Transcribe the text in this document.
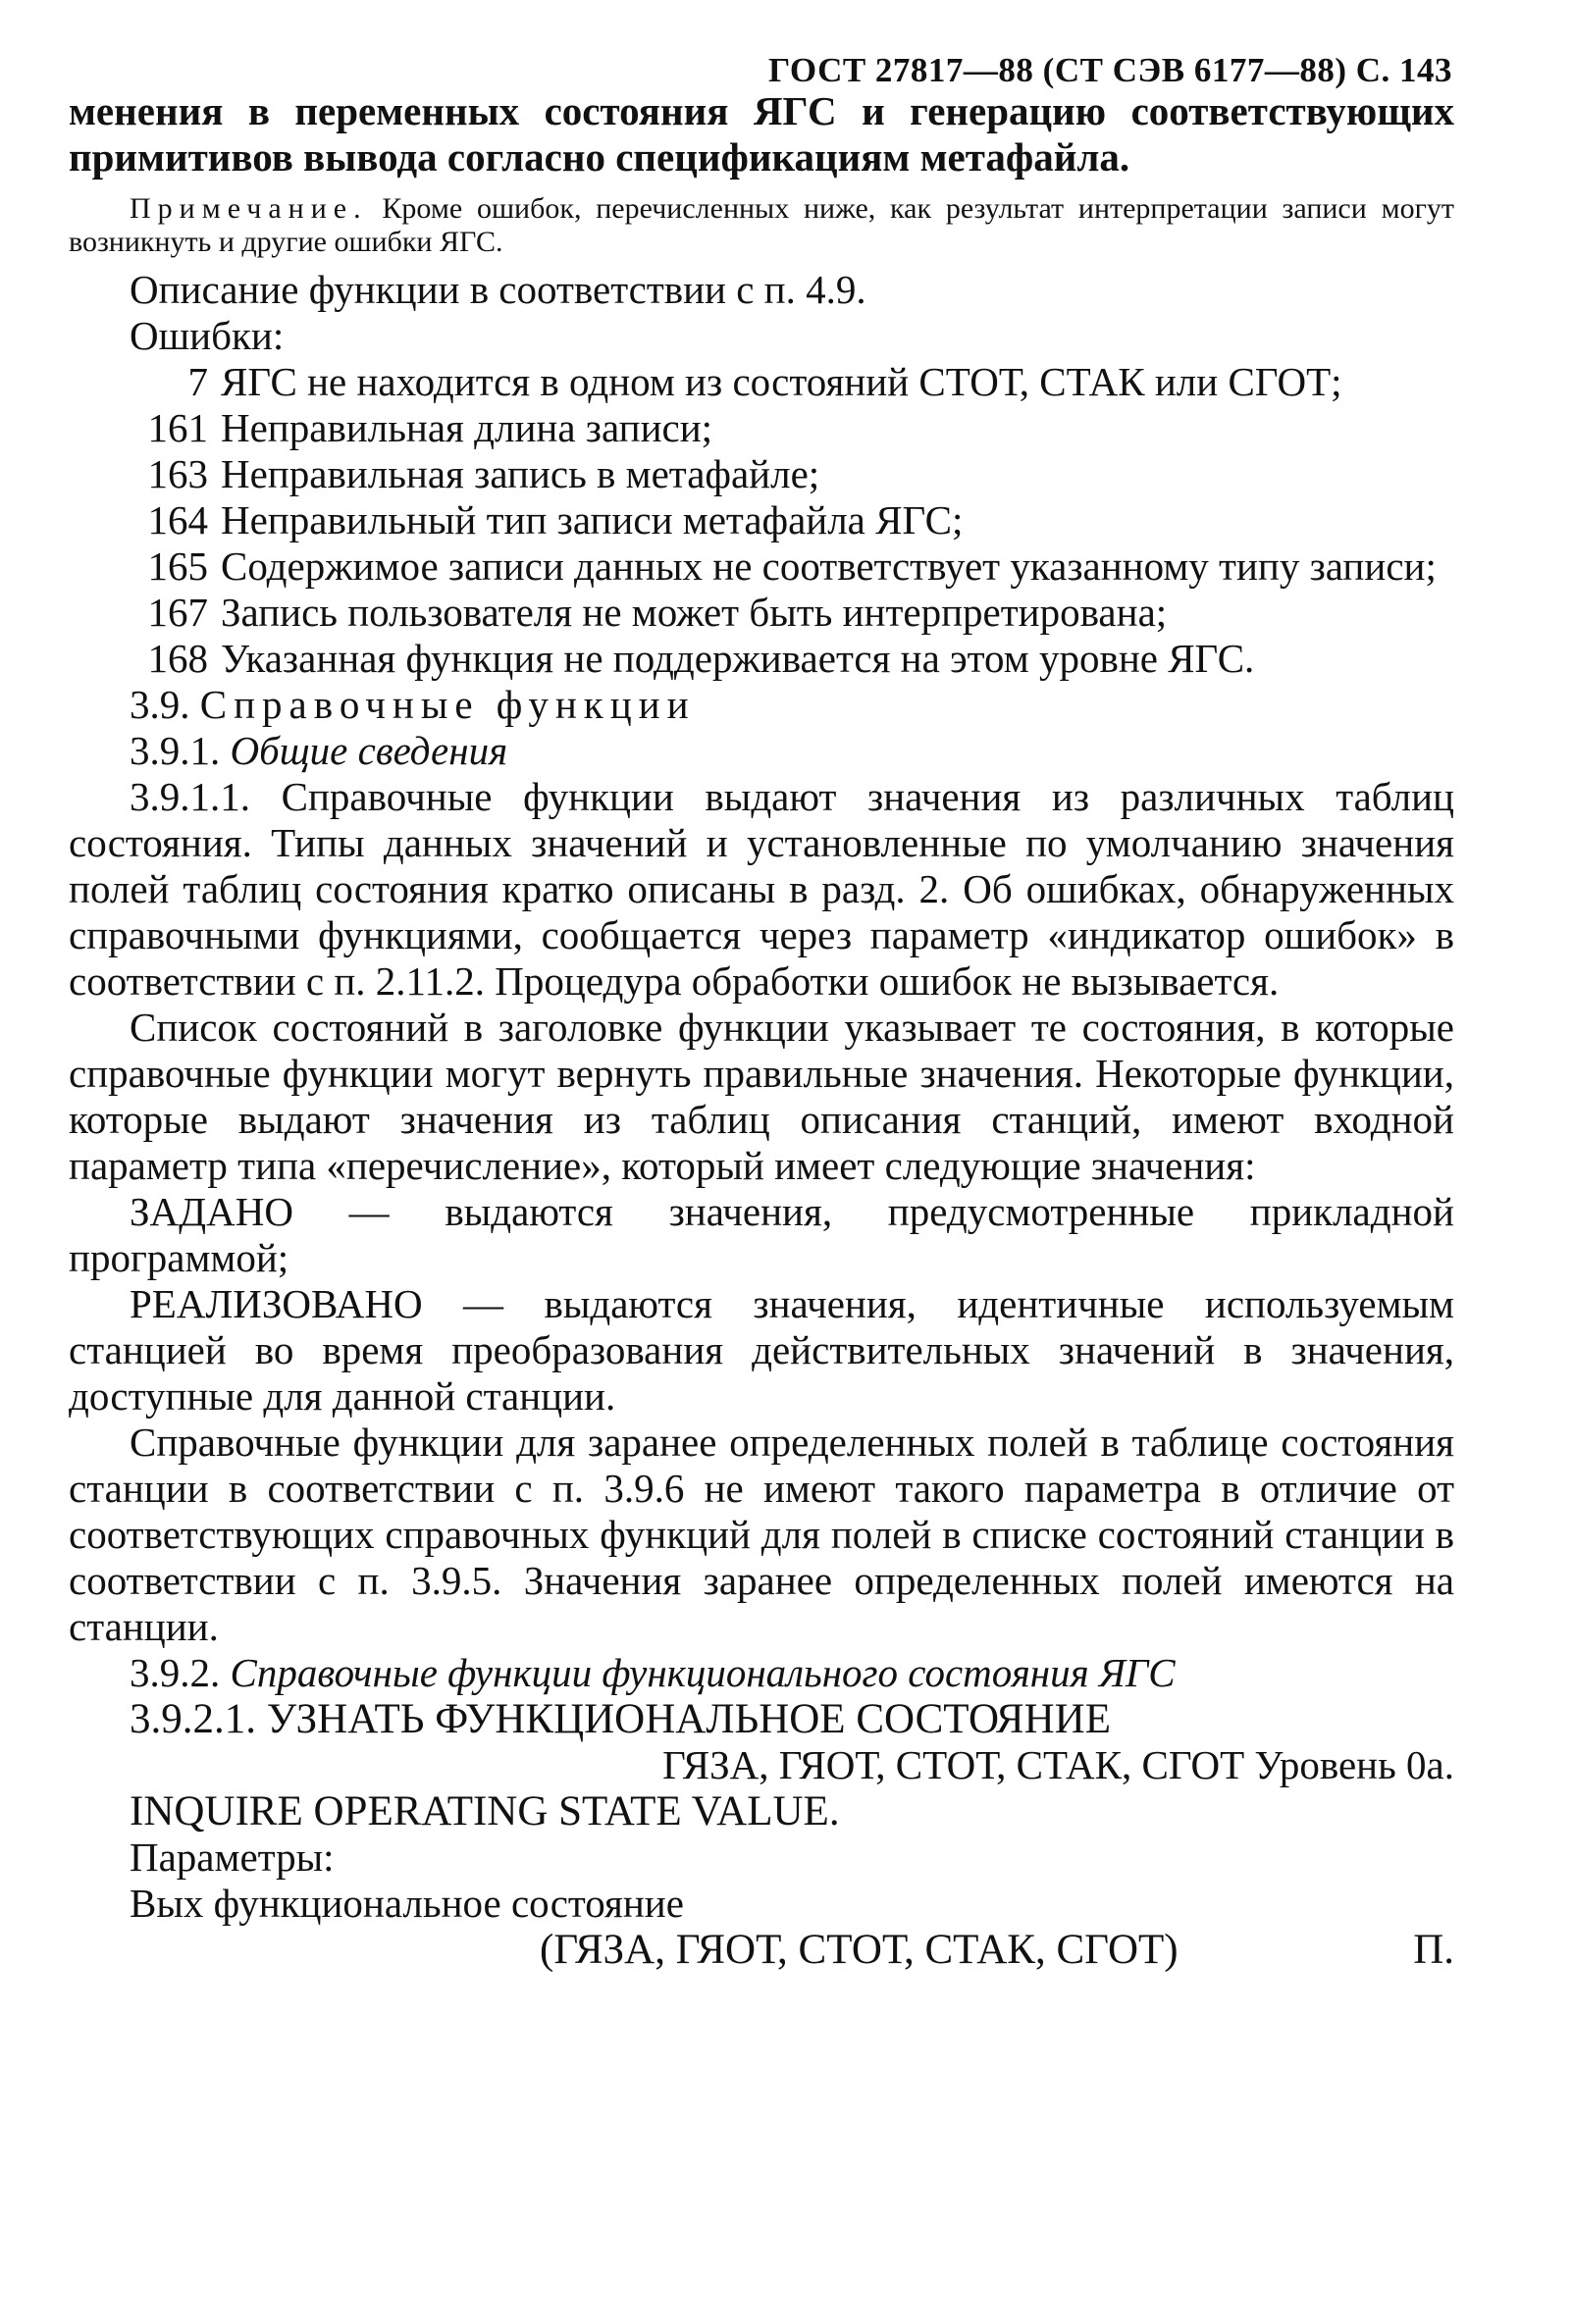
ГОСТ 27817—88 (СТ СЭВ 6177—88) С. 143
менения в переменных состояния ЯГС и генерацию соответствующих примитивов вывода согласно спецификациям метафайла.
Примечание. Кроме ошибок, перечисленных ниже, как результат интерпретации записи могут возникнуть и другие ошибки ЯГС.
Описание функции в соответствии с п. 4.9.
Ошибки:
7 ЯГС не находится в одном из состояний СТОТ, СТАК или СГОТ;
161 Неправильная длина записи;
163 Неправильная запись в метафайле;
164 Неправильный тип записи метафайла ЯГС;
165 Содержимое записи данных не соответствует указанному типу записи;
167 Запись пользователя не может быть интерпретирована;
168 Указанная функция не поддерживается на этом уровне ЯГС.
3.9. Справочные функции
3.9.1. Общие сведения
3.9.1.1. Справочные функции выдают значения из различных таблиц состояния. Типы данных значений и установленные по умолчанию значения полей таблиц состояния кратко описаны в разд. 2. Об ошибках, обнаруженных справочными функциями, сообщается через параметр «индикатор ошибок» в соответствии с п. 2.11.2. Процедура обработки ошибок не вызывается.
Список состояний в заголовке функции указывает те состояния, в которые справочные функции могут вернуть правильные значения. Некоторые функции, которые выдают значения из таблиц описания станций, имеют входной параметр типа «перечисление», который имеет следующие значения:
ЗАДАНО — выдаются значения, предусмотренные прикладной программой;
РЕАЛИЗОВАНО — выдаются значения, идентичные используемым станцией во время преобразования действительных значений в значения, доступные для данной станции.
Справочные функции для заранее определенных полей в таблице состояния станции в соответствии с п. 3.9.6 не имеют такого параметра в отличие от соответствующих справочных функций для полей в списке состояний станции в соответствии с п. 3.9.5. Значения заранее определенных полей имеются на станции.
3.9.2. Справочные функции функционального состояния ЯГС
3.9.2.1. УЗНАТЬ ФУНКЦИОНАЛЬНОЕ СОСТОЯНИЕ
ГЯЗА, ГЯОТ, СТОТ, СТАК, СГОТ Уровень 0а.
INQUIRE OPERATING STATE VALUE.
Параметры:
Вых функциональное состояние
(ГЯЗА, ГЯОТ, СТОТ, СТАК, СГОТ)	П.
